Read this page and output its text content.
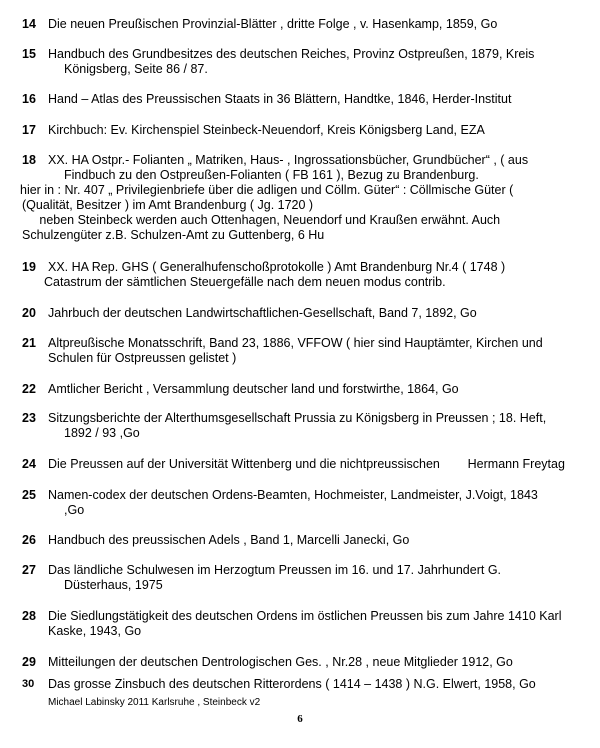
14 Die neuen Preußischen Provinzial-Blätter , dritte Folge , v. Hasenkamp, 1859, Go
15 Handbuch des Grundbesitzes des deutschen Reiches, Provinz Ostpreußen, 1879, Kreis
Königsberg, Seite 86 / 87.
16 Hand – Atlas des Preussischen Staats in 36 Blättern, Handtke, 1846, Herder-Institut
17 Kirchbuch: Ev. Kirchenspiel Steinbeck-Neuendorf, Kreis Königsberg Land, EZA
18 XX. HA Ostpr.- Folianten „ Matriken, Haus- , Ingrossationsbücher, Grundbücher“ , ( aus
Findbuch zu den Ostpreußen-Folianten ( FB 161 ), Bezug zu Brandenburg.
hier in : Nr. 407 „ Privilegienbriefe über die adligen und Cöllm. Güter“ : Cöllmische Güter (
(Qualität, Besitzer ) im Amt Brandenburg ( Jg. 1720 )
neben Steinbeck werden auch Ottenhagen, Neuendorf und Kraußen erwähnt. Auch
Schulzengüter z.B. Schulzen-Amt zu Guttenberg, 6 Hu
19 XX. HA Rep. GHS ( Generalhufenschoßprotokolle ) Amt Brandenburg Nr.4 ( 1748 )
Catastrum der sämtlichen Steuergefälle nach dem neuen modus contrib.
20 Jahrbuch der deutschen Landwirtschaftlichen-Gesellschaft, Band 7, 1892, Go
21 Altpreußische Monatsschrift, Band 23, 1886, VFFOW ( hier sind Hauptämter, Kirchen und
Schulen für Ostpreussen gelistet )
22 Amtlicher Bericht , Versammlung deutscher land und forstwirthe, 1864, Go
23 Sitzungsberichte der Alterthumsgesellschaft Prussia zu Königsberg in Preussen ; 18. Heft,
1892 / 93 ,Go
24 Die Preussen auf der Universität Wittenberg und die nichtpreussischen        Hermann Freytag
25 Namen-codex der deutschen Ordens-Beamten, Hochmeister, Landmeister, J.Voigt, 1843
,Go
26 Handbuch des preussischen Adels , Band 1, Marcelli Janecki, Go
27 Das ländliche Schulwesen im Herzogtum Preussen im 16. und 17. Jahrhundert G.
Düsterhaus, 1975
28 Die Siedlungstätigkeit des deutschen Ordens im östlichen Preussen bis zum Jahre 1410 Karl
Kaske, 1943, Go
29 Mitteilungen der deutschen Dentrologischen Ges. , Nr.28 , neue Mitglieder 1912, Go
30 Das grosse Zinsbuch des deutschen Ritterordens ( 1414 – 1438 ) N.G. Elwert, 1958, Go
Michael Labinsky 2011 Karlsruhe , Steinbeck v2
6
